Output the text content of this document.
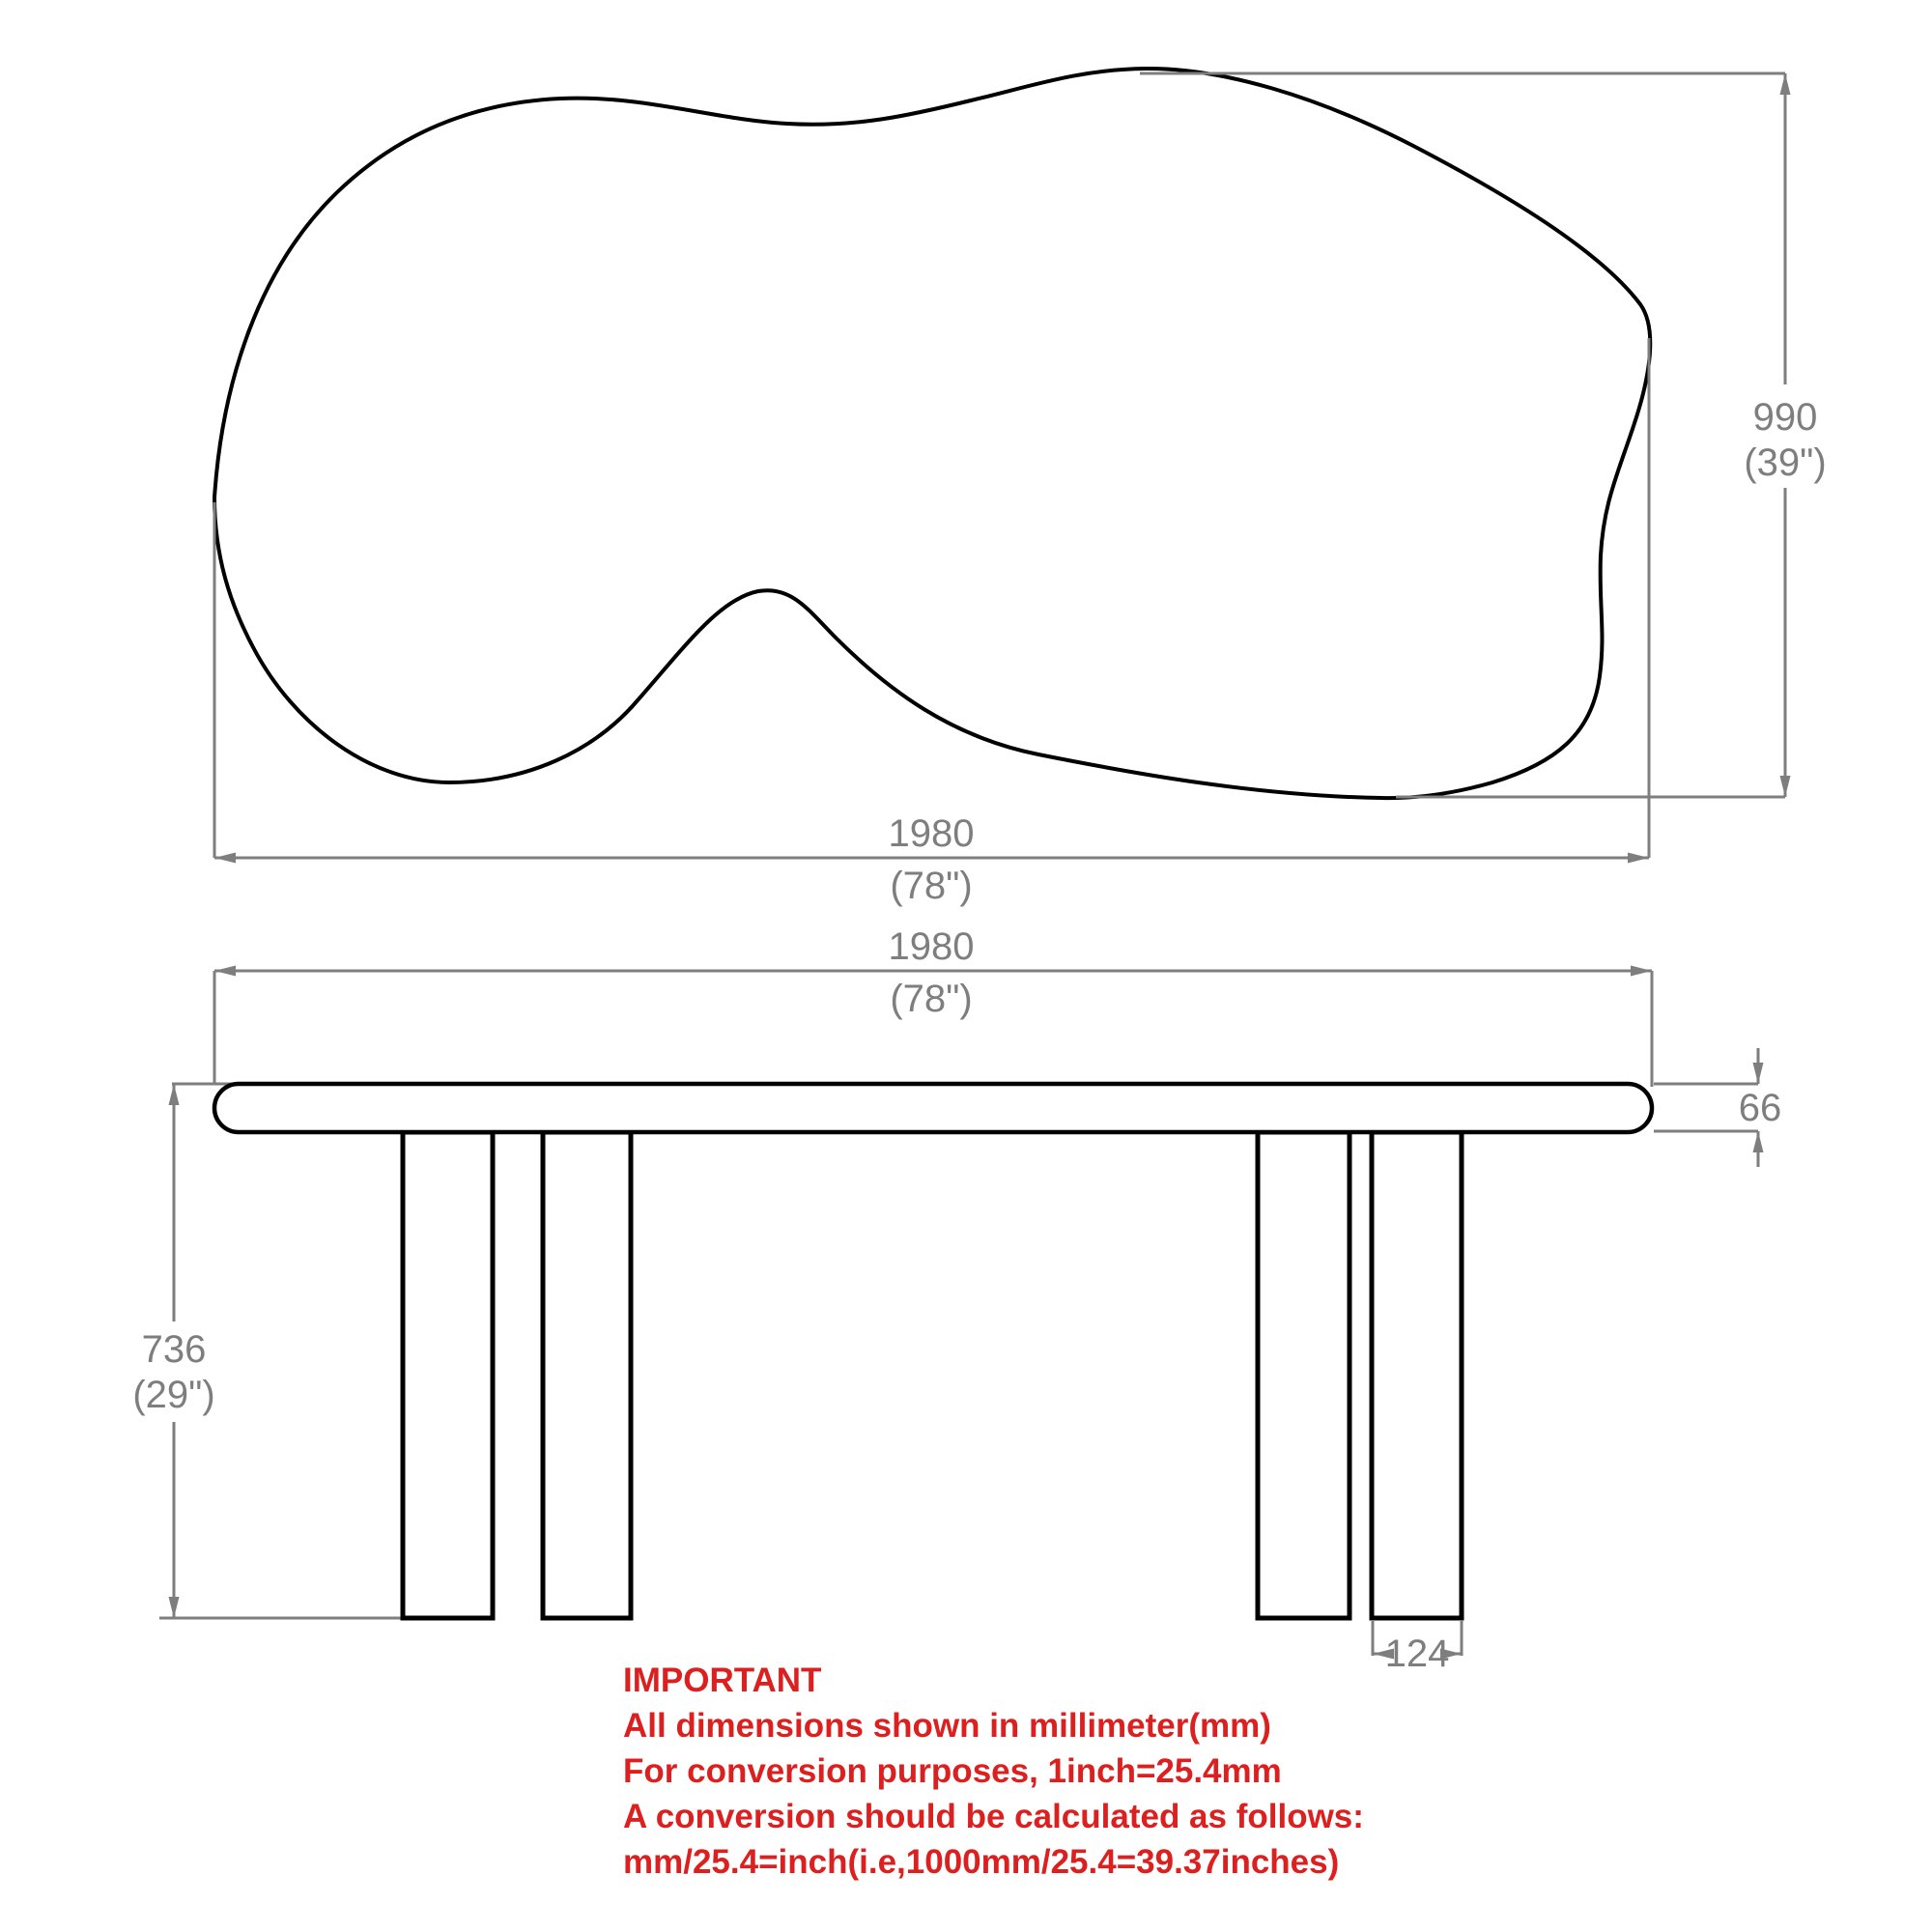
1980
(78")
990
(39")
1980
(78")
736
(29")
66
124

IMPORTANT

All dimensions shown in millimeter(mm)

For conversion purposes, 1inch=25.4mm

A conversion should be calculated as follows:

mm/25.4=inch(i.e,1000mm/25.4=39.37inches)
